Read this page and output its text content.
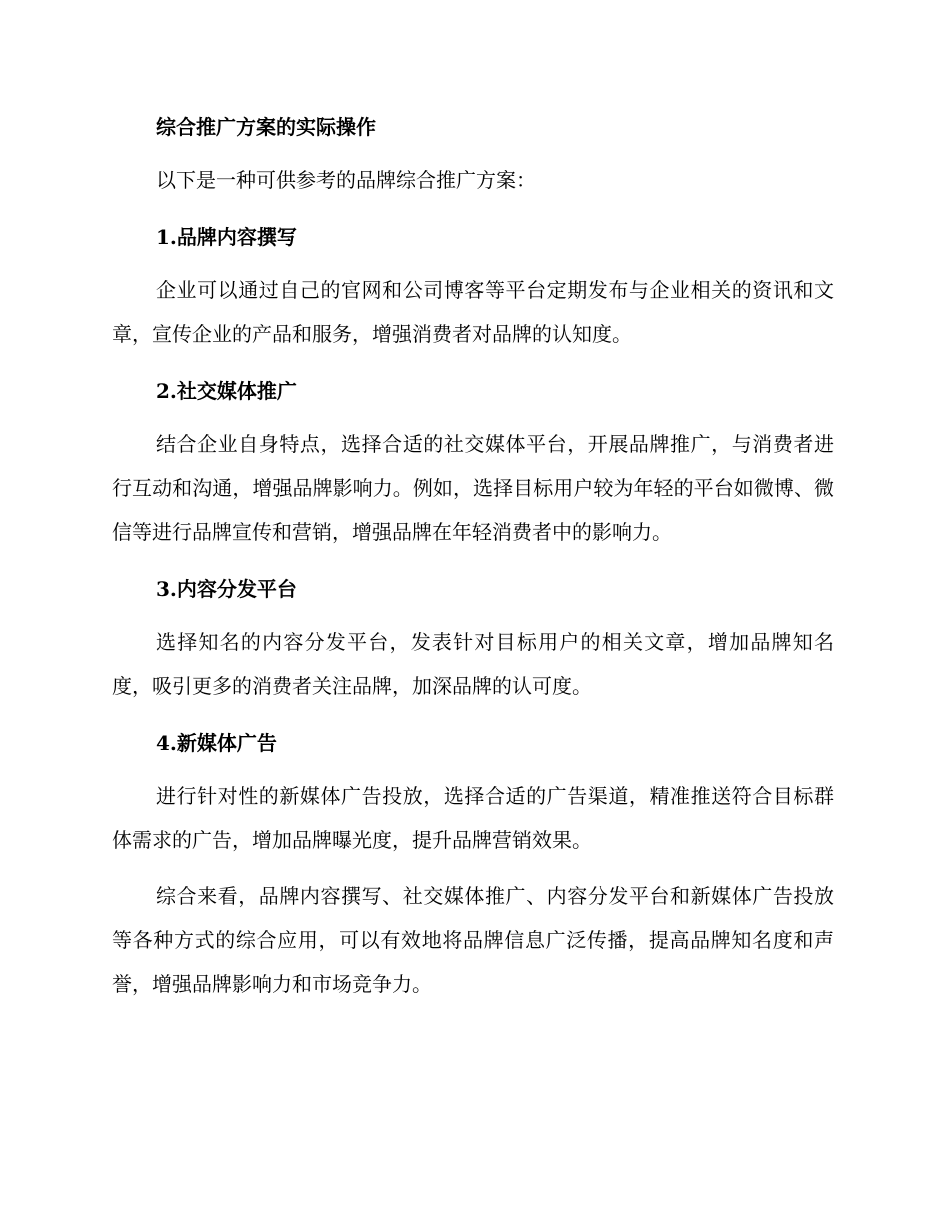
综合推广方案的实际操作

以下是一种可供参考的品牌综合推广方案：

1.品牌内容撰写

企业可以通过自己的官网和公司博客等平台定期发布与企业相关的资讯和文章，宣传企业的产品和服务，增强消费者对品牌的认知度。

2.社交媒体推广

结合企业自身特点，选择合适的社交媒体平台，开展品牌推广，与消费者进行互动和沟通，增强品牌影响力。例如，选择目标用户较为年轻的平台如微博、微信等进行品牌宣传和营销，增强品牌在年轻消费者中的影响力。

3.内容分发平台

选择知名的内容分发平台，发表针对目标用户的相关文章，增加品牌知名度，吸引更多的消费者关注品牌，加深品牌的认可度。

4.新媒体广告

进行针对性的新媒体广告投放，选择合适的广告渠道，精准推送符合目标群体需求的广告，增加品牌曝光度，提升品牌营销效果。

综合来看，品牌内容撰写、社交媒体推广、内容分发平台和新媒体广告投放等各种方式的综合应用，可以有效地将品牌信息广泛传播，提高品牌知名度和声誉，增强品牌影响力和市场竞争力。
